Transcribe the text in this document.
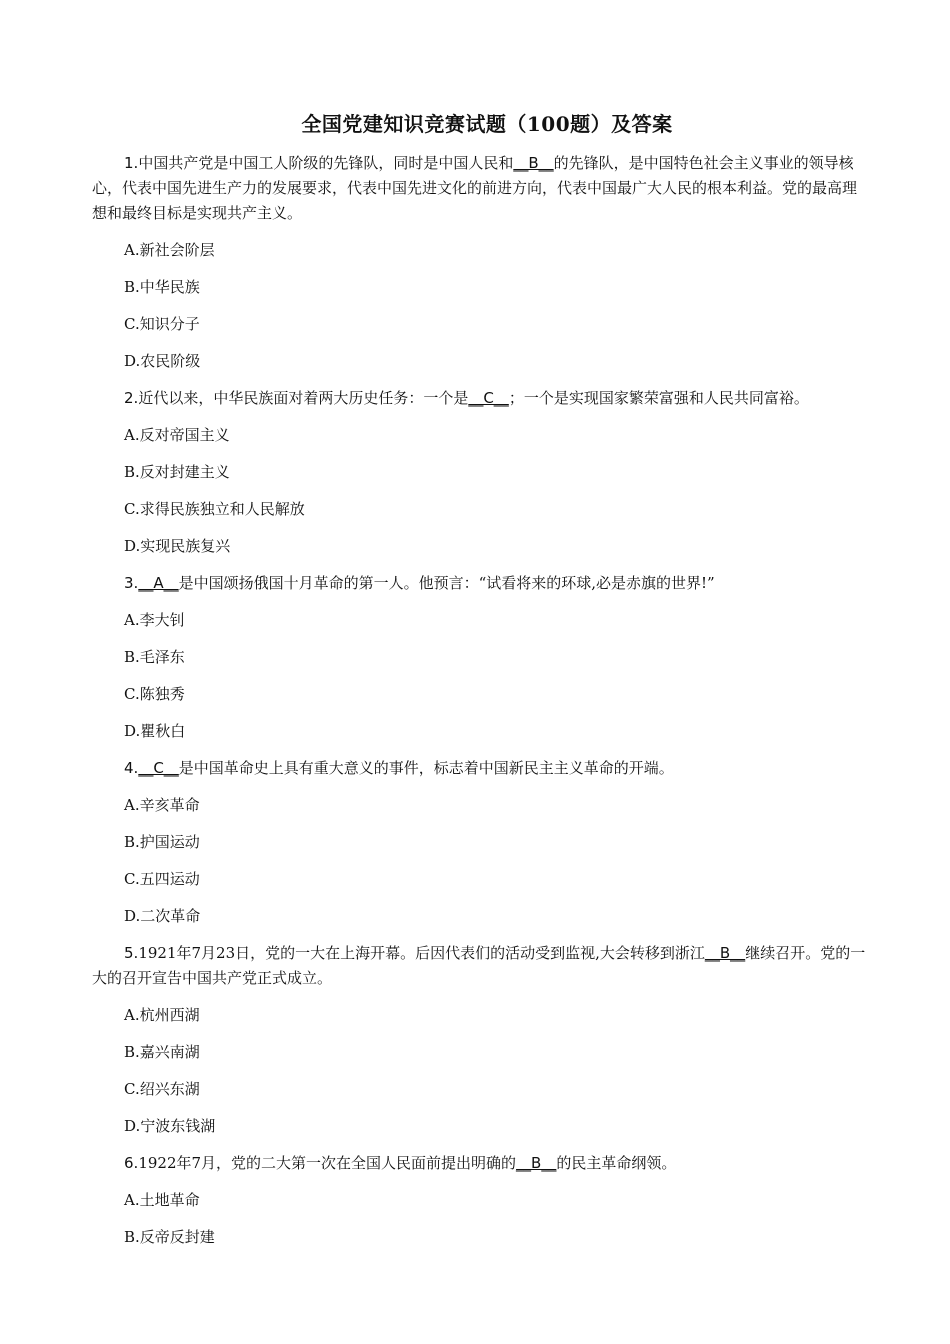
全国党建知识竞赛试题（100题）及答案
1.中国共产党是中国工人阶级的先锋队，同时是中国人民和__B__的先锋队，是中国特色社会主义事业的领导核心，代表中国先进生产力的发展要求，代表中国先进文化的前进方向，代表中国最广大人民的根本利益。党的最高理想和最终目标是实现共产主义。
A.新社会阶层
B.中华民族
C.知识分子
D.农民阶级
2.近代以来，中华民族面对着两大历史任务：一个是__C__；一个是实现国家繁荣富强和人民共同富裕。
A.反对帝国主义
B.反对封建主义
C.求得民族独立和人民解放
D.实现民族复兴
3.__A__是中国颂扬俄国十月革命的第一人。他预言：“试看将来的环球,必是赤旗的世界!”
A.李大钊
B.毛泽东
C.陈独秀
D.瞿秋白
4.__C__是中国革命史上具有重大意义的事件，标志着中国新民主主义革命的开端。
A.辛亥革命
B.护国运动
C.五四运动
D.二次革命
5.1921年7月23日，党的一大在上海开幕。后因代表们的活动受到监视,大会转移到浙江__B__继续召开。党的一大的召开宣告中国共产党正式成立。
A.杭州西湖
B.嘉兴南湖
C.绍兴东湖
D.宁波东钱湖
6.1922年7月，党的二大第一次在全国人民面前提出明确的__B__的民主革命纲领。
A.土地革命
B.反帝反封建
